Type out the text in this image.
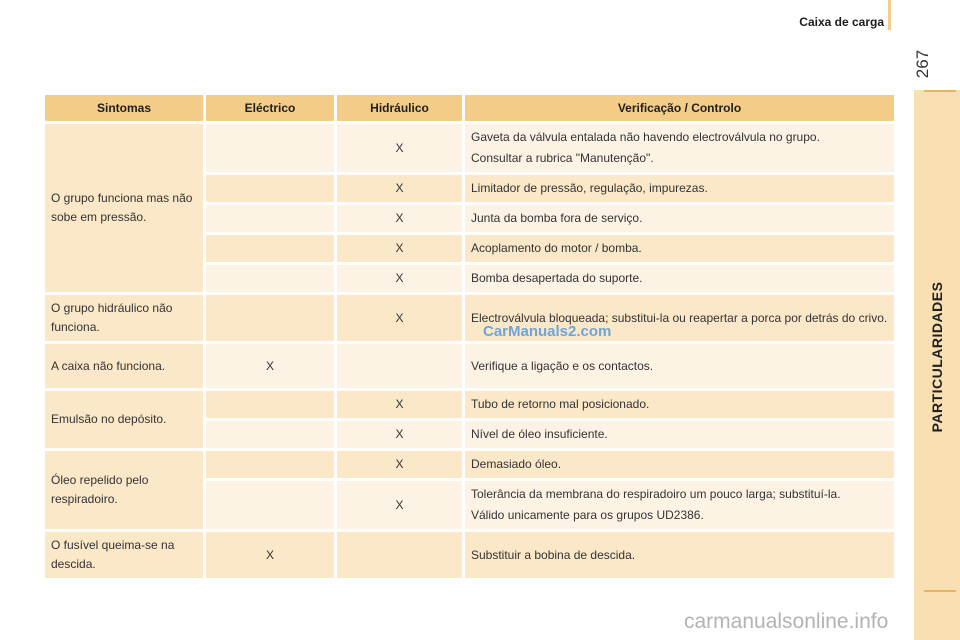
Caixa de carga
267
PARTICULARIDADES
Sintomas	Eléctrico	Hidráulico	Verificação / Controlo
O grupo funciona mas não sobe em pressão.		X	Gaveta da válvula entalada não havendo electroválvula no grupo.
Consultar a rubrica "Manutenção".

		X	Limitador de pressão, regulação, impurezas.

		X	Junta da bomba fora de serviço.

		X	Acoplamento do motor / bomba.

		X	Bomba desapertada do suporte.

O grupo hidráulico não funciona.		X	Electroválvula bloqueada; substitui-la ou reapertar a porca por detrás do crivo.

A caixa não funciona.	X		Verifique a ligação e os contactos.

Emulsão no depósito.		X	Tubo de retorno mal posicionado.

		X	Nível de óleo insuficiente.

Óleo repelido pelo respiradoiro.		X	Demasiado óleo.

		X	Tolerância da membrana do respiradoiro um pouco larga; substituí-la.
Válido unicamente para os grupos UD2386.

O fusível queima-se na descida.	X		Substituir a bobina de descida.
CarManuals2.com
carmanualsonline.info
